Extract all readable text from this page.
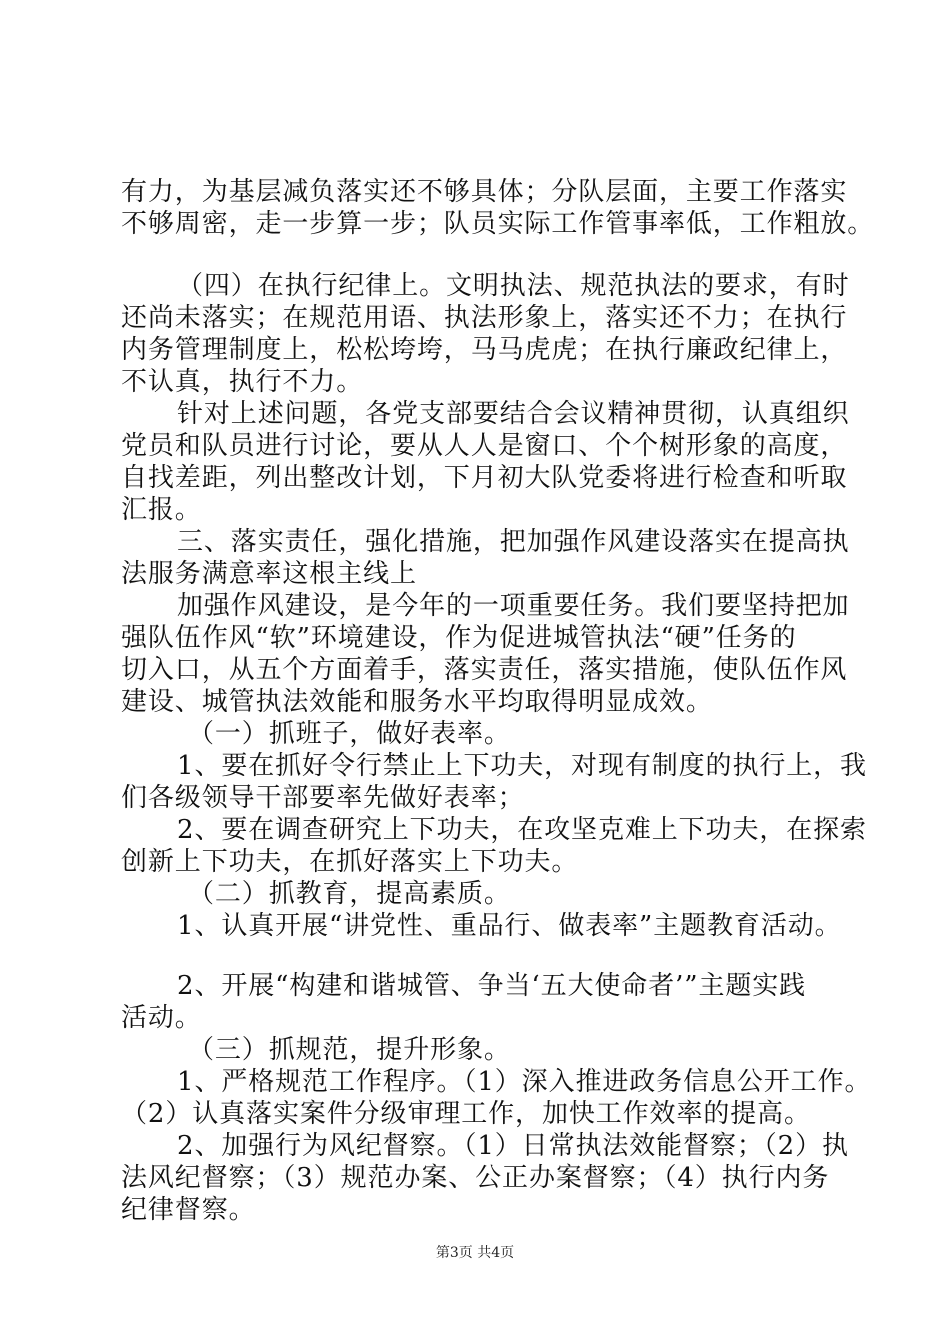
有力，为基层减负落实还不够具体；分队层面，主要工作落实
不够周密，走一步算一步；队员实际工作管事率低，工作粗放。
（四）在执行纪律上。文明执法、规范执法的要求，有时
还尚未落实；在规范用语、执法形象上，落实还不力；在执行
内务管理制度上，松松垮垮，马马虎虎；在执行廉政纪律上，
不认真，执行不力。
针对上述问题，各党支部要结合会议精神贯彻，认真组织
党员和队员进行讨论，要从人人是窗口、个个树形象的高度，
自找差距，列出整改计划，下月初大队党委将进行检查和听取
汇报。
三、落实责任，强化措施，把加强作风建设落实在提高执
法服务满意率这根主线上
加强作风建设，是今年的一项重要任务。我们要坚持把加
强队伍作风“软”环境建设，作为促进城管执法“硬”任务的
切入口，从五个方面着手，落实责任，落实措施，使队伍作风
建设、城管执法效能和服务水平均取得明显成效。
（一）抓班子，做好表率。
1、要在抓好令行禁止上下功夫，对现有制度的执行上，我
们各级领导干部要率先做好表率；
2、要在调查研究上下功夫，在攻坚克难上下功夫，在探索
创新上下功夫，在抓好落实上下功夫。
（二）抓教育，提高素质。
1、认真开展“讲党性、重品行、做表率”主题教育活动。
2、开展“构建和谐城管、争当‘五大使命者’”主题实践
活动。
（三）抓规范，提升形象。
1、严格规范工作程序。（1）深入推进政务信息公开工作。
（2）认真落实案件分级审理工作，加快工作效率的提高。
2、加强行为风纪督察。（1）日常执法效能督察；（2）执
法风纪督察；（3）规范办案、公正办案督察；（4）执行内务
纪律督察。
第3页 共4页
